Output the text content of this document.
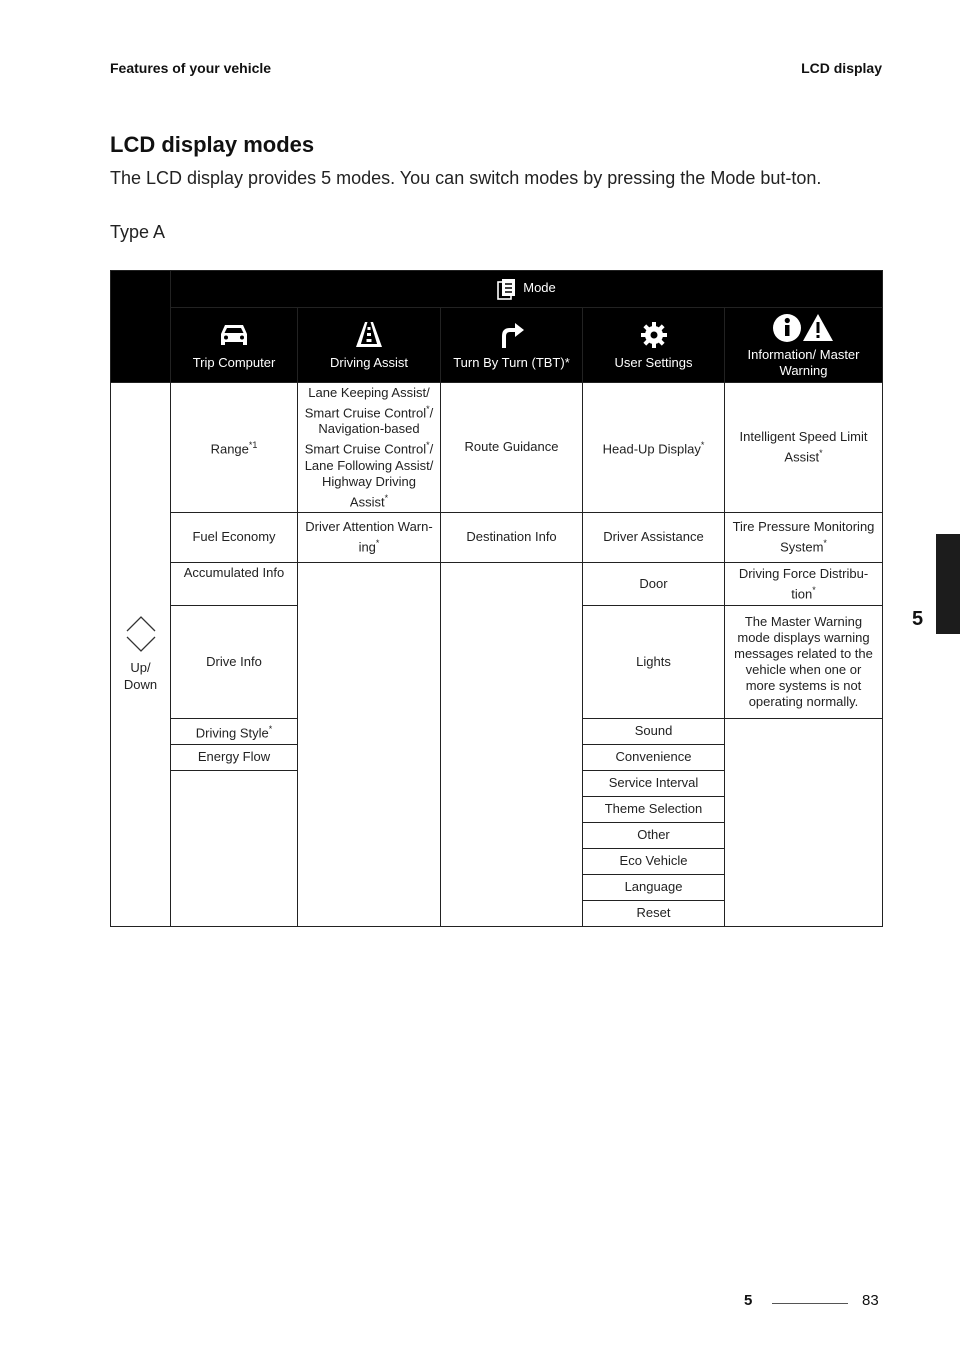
Features of your vehicle	LCD display
LCD display modes

The LCD display provides 5 modes. You can switch modes by pressing the Mode but-ton.

Type A
5
	Mode				

Trip Computer	Driving Assist	Turn By Turn (TBT)*	User Settings	Information/ Master Warning

Up/
Down	Range$^{*1}$	Lane Keeping Assist/ Smart Cruise Control*/ Navigation-based Smart Cruise Control*/ Lane Following Assist/ Highway Driving Assist*	Route Guidance	Head-Up Display*	Intelligent Speed Limit Assist*
	Fuel Economy	Driver Attention Warn-ing*	Destination Info	Driver Assistance	Tire Pressure Monitoring System*
	Accumulated Info			Door	Driving Force Distribu-tion*
	Drive Info			Lights	The Master Warning mode displays warning messages related to the vehicle when one or more systems is not operating normally.
	Driving Style*			Sound	
	Energy Flow			Convenience	
				Service Interval	
				Theme Selection	
				Other	
				Eco Vehicle	
				Language	
				Reset	
5	83
